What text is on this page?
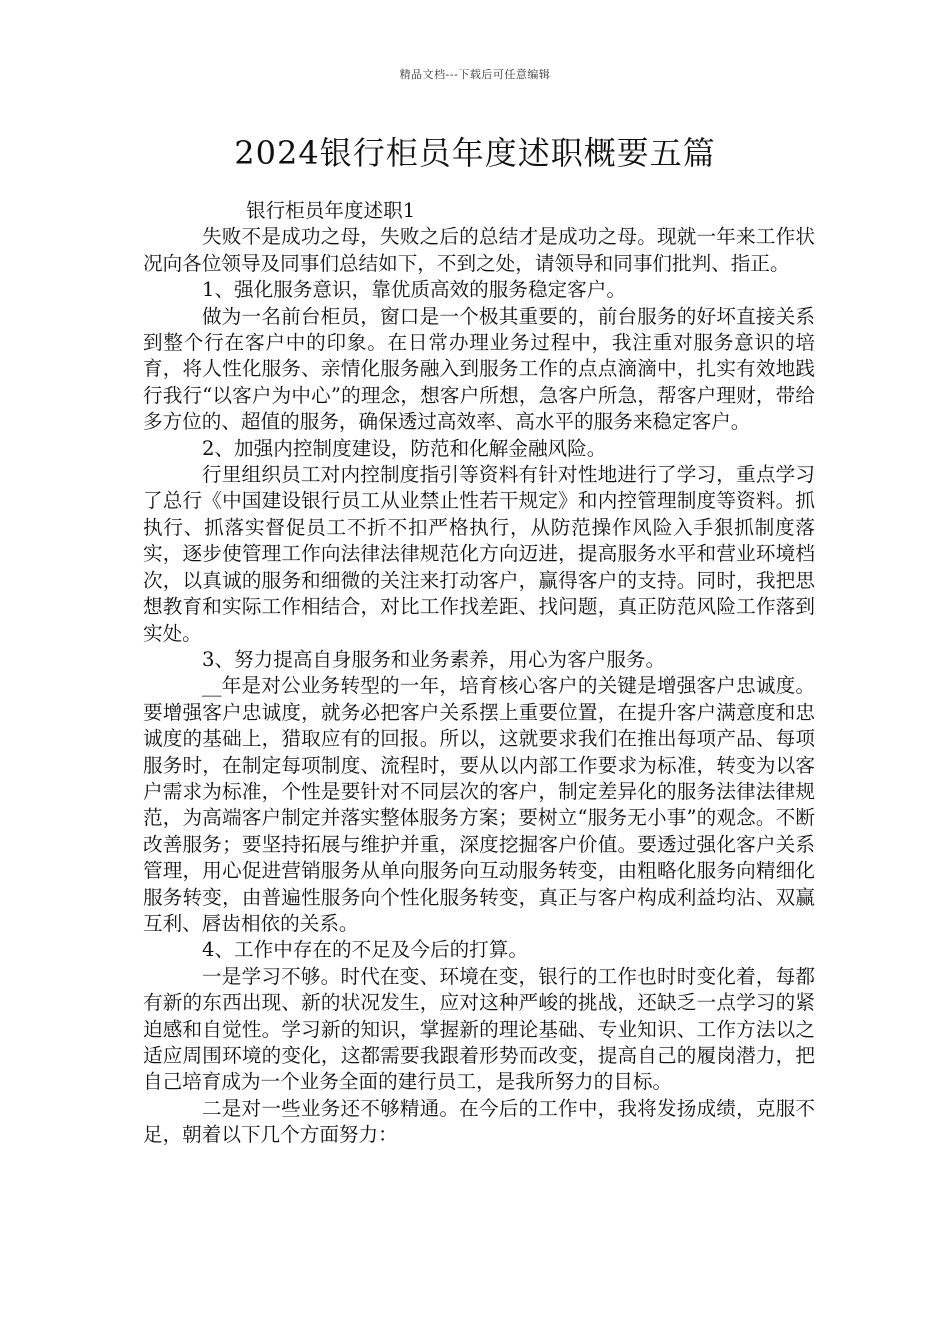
精品文档---下载后可任意编辑
2024银行柜员年度述职概要五篇

银行柜员年度述职1

失败不是成功之母，失败之后的总结才是成功之母。现就一年来工作状况向各位领导及同事们总结如下，不到之处，请领导和同事们批判、指正。

1、强化服务意识，靠优质高效的服务稳定客户。

做为一名前台柜员，窗口是一个极其重要的，前台服务的好坏直接关系到整个行在客户中的印象。在日常办理业务过程中，我注重对服务意识的培育，将人性化服务、亲情化服务融入到服务工作的点点滴滴中，扎实有效地践行我行“以客户为中心”的理念，想客户所想，急客户所急，帮客户理财，带给多方位的、超值的服务，确保透过高效率、高水平的服务来稳定客户。

2、加强内控制度建设，防范和化解金融风险。

行里组织员工对内控制度指引等资料有针对性地进行了学习，重点学习了总行《中国建设银行员工从业禁止性若干规定》和内控管理制度等资料。抓执行、抓落实督促员工不折不扣严格执行，从防范操作风险入手狠抓制度落实，逐步使管理工作向法律法律规范化方向迈进，提高服务水平和营业环境档次，以真诚的服务和细微的关注来打动客户，赢得客户的支持。同时，我把思想教育和实际工作相结合，对比工作找差距、找问题，真正防范风险工作落到实处。

3、努力提高自身服务和业务素养，用心为客户服务。

__年是对公业务转型的一年，培育核心客户的关键是增强客户忠诚度。要增强客户忠诚度，就务必把客户关系摆上重要位置，在提升客户满意度和忠诚度的基础上，猎取应有的回报。所以，这就要求我们在推出每项产品、每项服务时，在制定每项制度、流程时，要从以内部工作要求为标准，转变为以客户需求为标准，个性是要针对不同层次的客户，制定差异化的服务法律法律规范，为高端客户制定并落实整体服务方案；要树立“服务无小事”的观念。不断改善服务；要坚持拓展与维护并重，深度挖掘客户价值。要透过强化客户关系管理，用心促进营销服务从单向服务向互动服务转变，由粗略化服务向精细化服务转变，由普遍性服务向个性化服务转变，真正与客户构成利益均沾、双赢互利、唇齿相依的关系。

4、工作中存在的不足及今后的打算。

一是学习不够。时代在变、环境在变，银行的工作也时时变化着，每都有新的东西出现、新的状况发生，应对这种严峻的挑战，还缺乏一点学习的紧迫感和自觉性。学习新的知识，掌握新的理论基础、专业知识、工作方法以之适应周围环境的变化，这都需要我跟着形势而改变，提高自己的履岗潜力，把自己培育成为一个业务全面的建行员工，是我所努力的目标。

二是对一些业务还不够精通。在今后的工作中，我将发扬成绩，克服不足，朝着以下几个方面努力：
